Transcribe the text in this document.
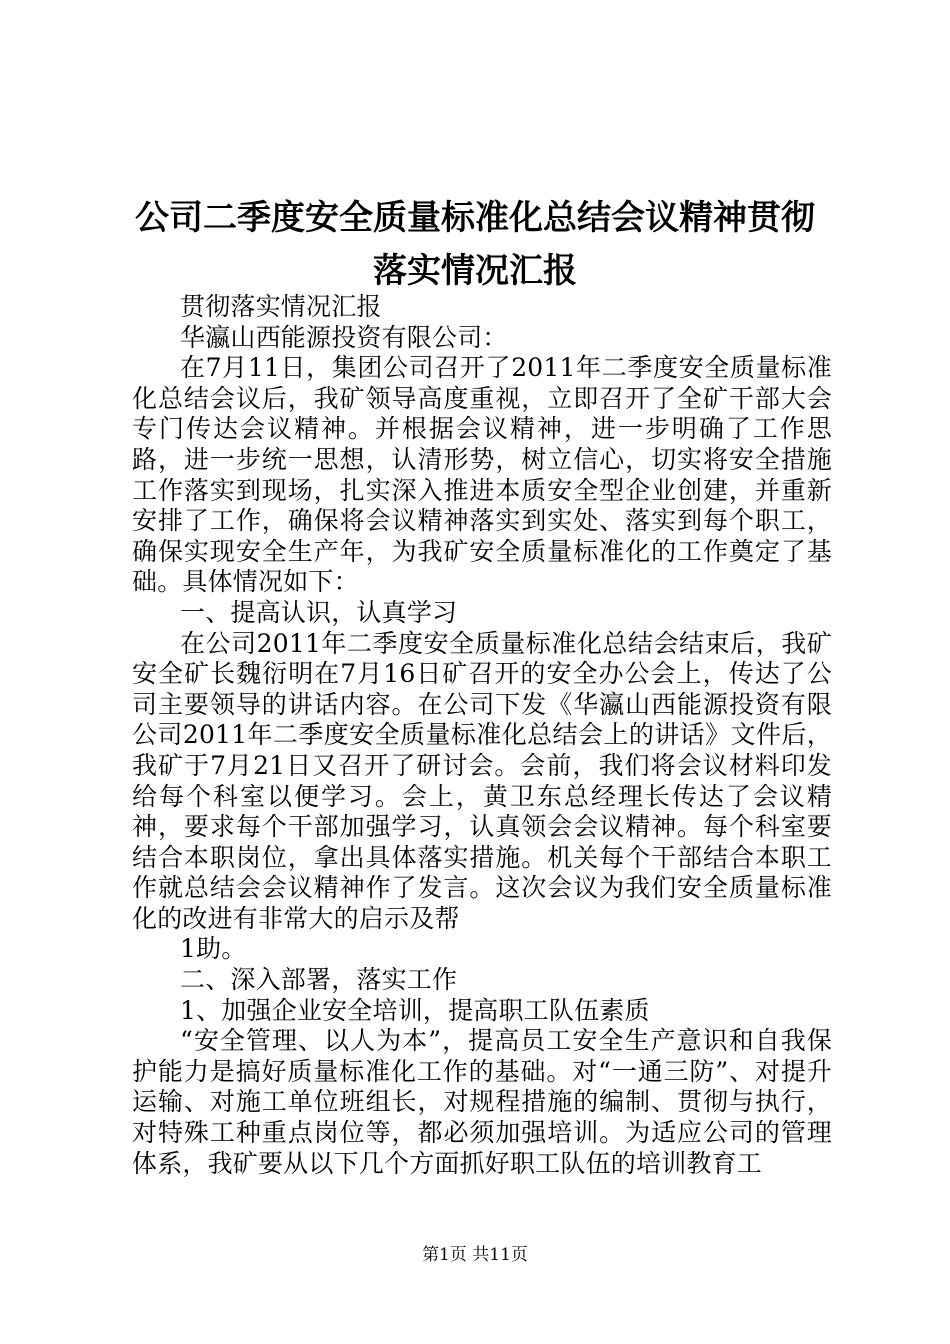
公司二季度安全质量标准化总结会议精神贯彻
落实情况汇报

贯彻落实情况汇报

华瀛山西能源投资有限公司：

在7月11日，集团公司召开了2011年二季度安全质量标准化总结会议后，我矿领导高度重视，立即召开了全矿干部大会专门传达会议精神。并根据会议精神，进一步明确了工作思路，进一步统一思想，认清形势，树立信心，切实将安全措施工作落实到现场，扎实深入推进本质安全型企业创建，并重新安排了工作，确保将会议精神落实到实处、落实到每个职工，确保实现安全生产年，为我矿安全质量标准化的工作奠定了基础。具体情况如下：

一、提高认识，认真学习

在公司2011年二季度安全质量标准化总结会结束后，我矿安全矿长魏衍明在7月16日矿召开的安全办公会上，传达了公司主要领导的讲话内容。在公司下发《华瀛山西能源投资有限公司2011年二季度安全质量标准化总结会上的讲话》文件后，我矿于7月21日又召开了研讨会。会前，我们将会议材料印发给每个科室以便学习。会上，黄卫东总经理长传达了会议精神，要求每个干部加强学习，认真领会会议精神。每个科室要结合本职岗位，拿出具体落实措施。机关每个干部结合本职工作就总结会会议精神作了发言。这次会议为我们安全质量标准化的改进有非常大的启示及帮

1助。

二、深入部署，落实工作

1、加强企业安全培训，提高职工队伍素质

“安全管理、以人为本”，提高员工安全生产意识和自我保护能力是搞好质量标准化工作的基础。对“一通三防”、对提升运输、对施工单位班组长，对规程措施的编制、贯彻与执行，对特殊工种重点岗位等，都必须加强培训。为适应公司的管理体系，我矿要从以下几个方面抓好职工队伍的培训教育工

第1页 共11页
